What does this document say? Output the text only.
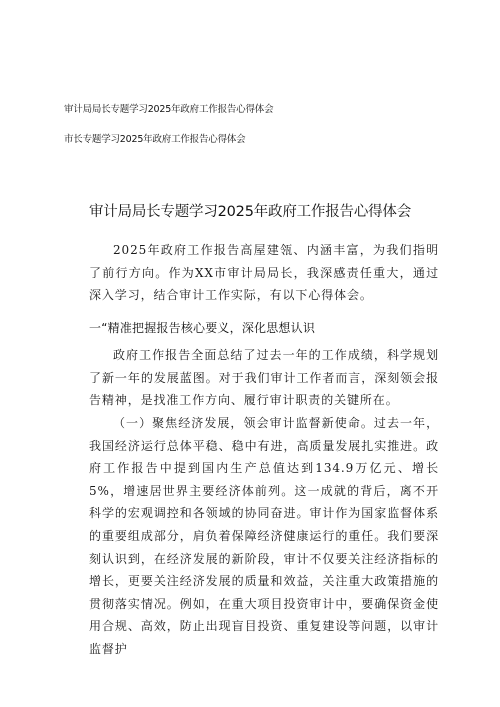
审计局局长专题学习2025年政府工作报告心得体会
市长专题学习2025年政府工作报告心得体会
审计局局长专题学习2025年政府工作报告心得体会

2025年政府工作报告高屋建瓴、内涵丰富，为我们指明了前行方向。作为XX市审计局局长，我深感责任重大，通过深入学习，结合审计工作实际，有以下心得体会。

一“精准把握报告核心要义，深化思想认识

政府工作报告全面总结了过去一年的工作成绩，科学规划了新一年的发展蓝图。对于我们审计工作者而言，深刻领会报告精神，是找准工作方向、履行审计职责的关键所在。

（一）聚焦经济发展，领会审计监督新使命。过去一年，我国经济运行总体平稳、稳中有进，高质量发展扎实推进。政府工作报告中提到国内生产总值达到134.9万亿元、增长5%，增速居世界主要经济体前列。这一成就的背后，离不开科学的宏观调控和各领域的协同奋进。审计作为国家监督体系的重要组成部分，肩负着保障经济健康运行的重任。我们要深刻认识到，在经济发展的新阶段，审计不仅要关注经济指标的增长，更要关注经济发展的质量和效益，关注重大政策措施的贯彻落实情况。例如，在重大项目投资审计中，要确保资金使用合规、高效，防止出现盲目投资、重复建设等问题，以审计监督护
